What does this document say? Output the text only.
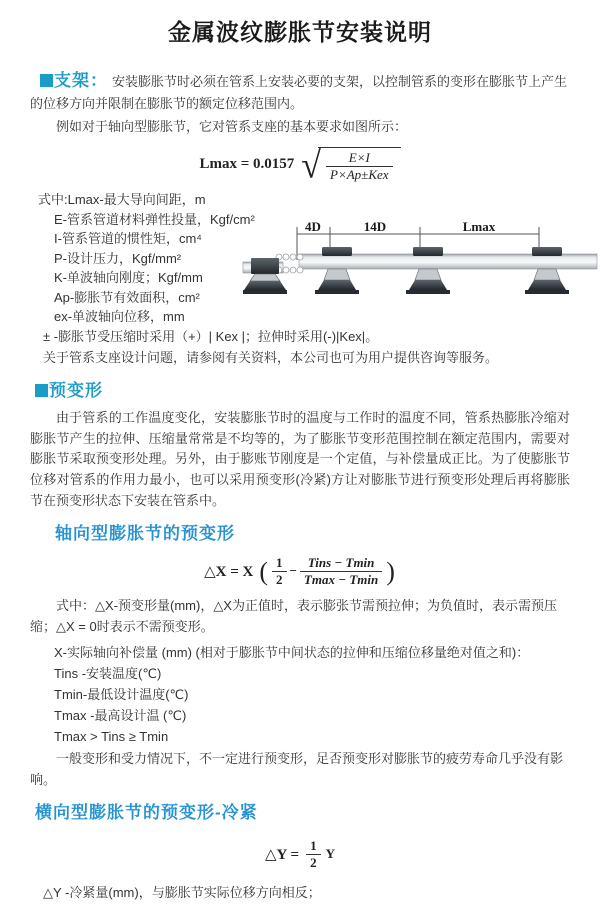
金属波纹膨胀节安装说明

支架： 安装膨胀节时必须在管系上安装必要的支架，以控制管系的变形在膨胀节上产生的位移方向并限制在膨胀节的额定位移范围内。

例如对于轴向型膨胀节，它对管系支座的基本要求如图所示：

Lmax = 0.0157 √ $\frac{E\times I}{\text{P×Ap±Kex}}$
式中:Lmax-最大导向间距，m
E-管系管道材料弹性投量，Kgf/cm²
I-管系管道的惯性矩，cm⁴
P-设计压力，Kgf/mm²
K-单波轴向刚度；Kgf/mm
Ap-膨胀节有效面积，cm²
ex-单波轴向位移，mm
4D	14D	Lmax

± -膨胀节受压缩时采用（+）| Kex |；拉伸时采用(-)|Kex|。

关于管系支座设计问题，请参阅有关资料，本公司也可为用户提供咨询等服务。

预变形

由于管系的工作温度变化，安装膨胀节时的温度与工作时的温度不同，管系热膨胀冷缩对膨胀节产生的拉伸、压缩量常常是不均等的，为了膨胀节变形范围控制在额定范围内，需要对膨胀节采取预变形处理。另外，由于膨账节刚度是一个定值，与补偿量成正比。为了使膨胀节位移对管系的作用力最小，也可以采用预变形(冷紧)方让对膨胀节进行预变形处理后再将膨胀节在预变形状态下安装在管系中。

轴向型膨胀节的预变形
△X = X ( $\frac{1}{2} - \frac{\text{Tins − Tmin}}{Tmax - Tmin}$ )

式中：△X-预变形量(mm)，△X为正值时，表示膨张节需预拉伸；为负值时，表示需预压缩；△X = 0时表示不需预变形。

X-实际轴向补偿量 (mm) (相对于膨胀节中间状态的拉伸和压缩位移量绝对值之和)：
Tins -安装温度(℃)
Tmin-最低设计温度(℃)
Tmax -最高设计温 (℃)
Tmax > Tins ≥ Tmin

一般变形和受力情况下，不一定进行预变形，足否预变形对膨胀节的疲劳寿命几乎没有影响。

横向型膨胀节的预变形-冷紧
△Y = $\frac{1}{2}$ Y

△Y -冷紧量(mm)，与膨胀节实际位移方向相反；
